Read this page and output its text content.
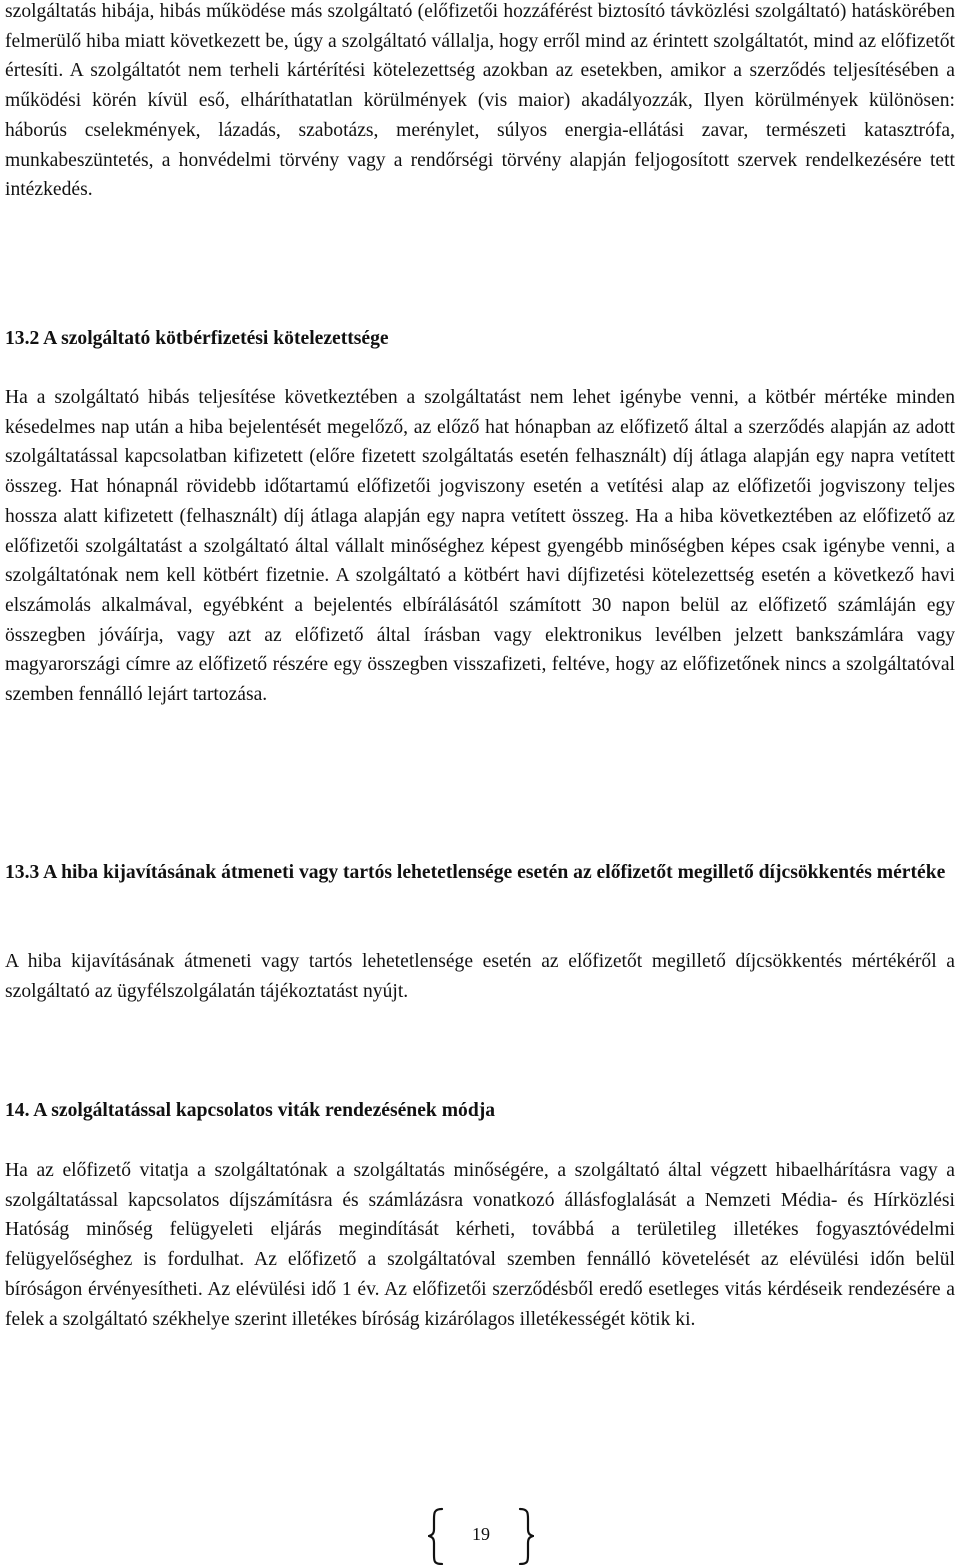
szolgáltatás hibája, hibás működése más szolgáltató (előfizetői hozzáférést biztosító távközlési szolgáltató) hatáskörében felmerülő hiba miatt következett be, úgy a szolgáltató vállalja, hogy erről mind az érintett szolgáltatót, mind az előfizetőt értesíti. A szolgáltatót nem terheli kártérítési kötelezettség azokban az esetekben, amikor a szerződés teljesítésében a működési körén kívül eső, elháríthatatlan körülmények (vis maior) akadályozzák, Ilyen körülmények különösen: háborús cselekmények, lázadás, szabotázs, merénylet, súlyos energia-ellátási zavar, természeti katasztrófa, munkabeszüntetés, a honvédelmi törvény vagy a rendőrségi törvény alapján feljogosított szervek rendelkezésére tett intézkedés.

13.2 A szolgáltató kötbérfizetési kötelezettsége

Ha a szolgáltató hibás teljesítése következtében a szolgáltatást nem lehet igénybe venni, a kötbér mértéke minden késedelmes nap után a hiba bejelentését megelőző, az előző hat hónapban az előfizető által a szerződés alapján az adott szolgáltatással kapcsolatban kifizetett (előre fizetett szolgáltatás esetén felhasznált) díj átlaga alapján egy napra vetített összeg. Hat hónapnál rövidebb időtartamú előfizetői jogviszony esetén a vetítési alap az előfizetői jogviszony teljes hossza alatt kifizetett (felhasznált) díj átlaga alapján egy napra vetített összeg. Ha a hiba következtében az előfizető az előfizetői szolgáltatást a szolgáltató által vállalt minőséghez képest gyengébb minőségben képes csak igénybe venni, a szolgáltatónak nem kell kötbért fizetnie. A szolgáltató a kötbért havi díjfizetési kötelezettség esetén a következő havi elszámolás alkalmával, egyébként a bejelentés elbírálásától számított 30 napon belül az előfizető számláján egy összegben jóváírja, vagy azt az előfizető által írásban vagy elektronikus levélben jelzett bankszámlára vagy magyarországi címre az előfizető részére egy összegben visszafizeti, feltéve, hogy az előfizetőnek nincs a szolgáltatóval szemben fennálló lejárt tartozása.

13.3 A hiba kijavításának átmeneti vagy tartós lehetetlensége esetén az előfizetőt megillető díjcsökkentés mértéke

A hiba kijavításának átmeneti vagy tartós lehetetlensége esetén az előfizetőt megillető díjcsökkentés mértékéről a szolgáltató az ügyfélszolgálatán tájékoztatást nyújt.

14. A szolgáltatással kapcsolatos viták rendezésének módja

Ha az előfizető vitatja a szolgáltatónak a szolgáltatás minőségére, a szolgáltató által végzett hibaelhárításra vagy a szolgáltatással kapcsolatos díjszámításra és számlázásra vonatkozó állásfoglalását a Nemzeti Média- és Hírközlési Hatóság minőség felügyeleti eljárás megindítását kérheti, továbbá a területileg illetékes fogyasztóvédelmi felügyelőséghez is fordulhat. Az előfizető a szolgáltatóval szemben fennálló követelését az elévülési időn belül bíróságon érvényesítheti. Az elévülési idő 1 év. Az előfizetői szerződésből eredő esetleges vitás kérdéseik rendezésére a felek a szolgáltató székhelye szerint illetékes bíróság kizárólagos illetékességét kötik ki.

19
